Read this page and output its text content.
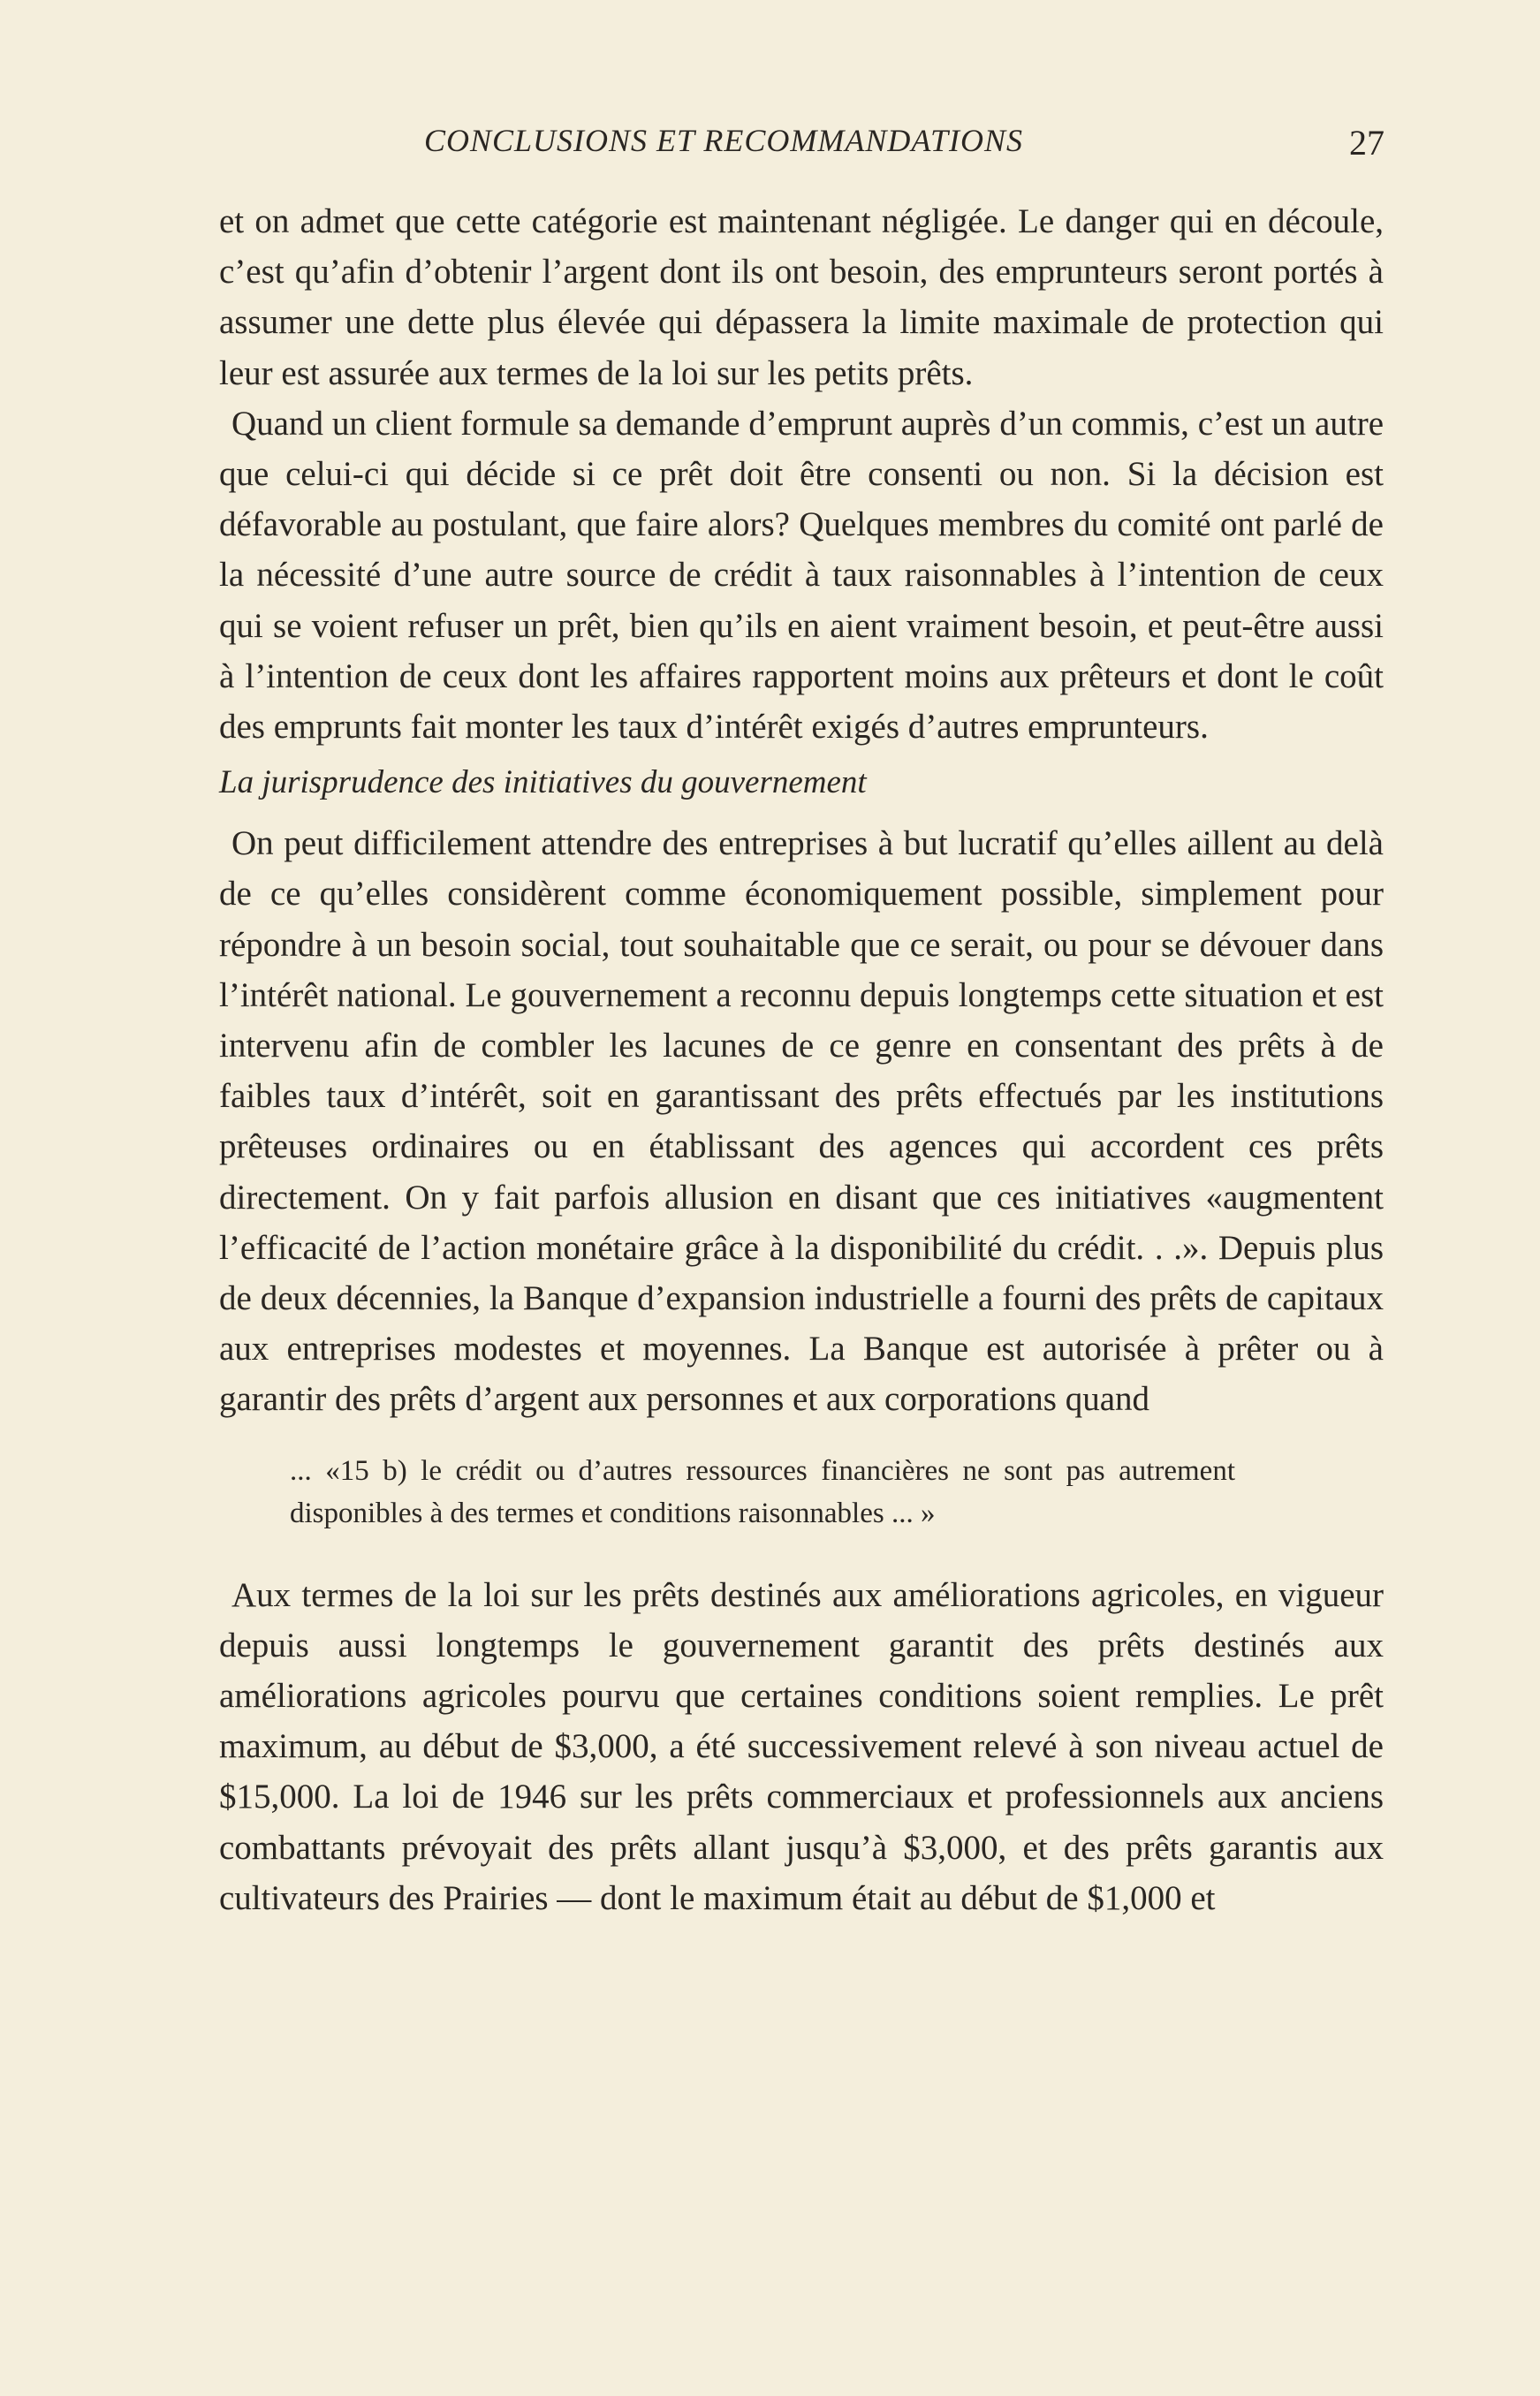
CONCLUSIONS ET RECOMMANDATIONS	27

et on admet que cette catégorie est maintenant négligée. Le danger qui en découle, c’est qu’afin d’obtenir l’argent dont ils ont besoin, des emprunteurs seront portés à assumer une dette plus élevée qui dépassera la limite maximale de protection qui leur est assurée aux termes de la loi sur les petits prêts.

Quand un client formule sa demande d’emprunt auprès d’un commis, c’est un autre que celui-ci qui décide si ce prêt doit être consenti ou non. Si la décision est défavorable au postulant, que faire alors? Quelques membres du comité ont parlé de la nécessité d’une autre source de crédit à taux raisonnables à l’intention de ceux qui se voient refuser un prêt, bien qu’ils en aient vraiment besoin, et peut-être aussi à l’intention de ceux dont les affaires rapportent moins aux prêteurs et dont le coût des emprunts fait monter les taux d’intérêt exigés d’autres emprunteurs.

La jurisprudence des initiatives du gouvernement

On peut difficilement attendre des entreprises à but lucratif qu’elles aillent au delà de ce qu’elles considèrent comme économiquement possible, simplement pour répondre à un besoin social, tout souhaitable que ce serait, ou pour se dévouer dans l’intérêt national. Le gouvernement a reconnu depuis longtemps cette situation et est intervenu afin de combler les lacunes de ce genre en consentant des prêts à de faibles taux d’intérêt, soit en garantissant des prêts effectués par les institutions prêteuses ordinaires ou en établissant des agences qui accordent ces prêts directement. On y fait parfois allusion en disant que ces initiatives «augmentent l’efficacité de l’action monétaire grâce à la disponibilité du crédit. . .». Depuis plus de deux décennies, la Banque d’expansion industrielle a fourni des prêts de capitaux aux entreprises modestes et moyennes. La Banque est autorisée à prêter ou à garantir des prêts d’argent aux personnes et aux corporations quand

... «15 b) le crédit ou d’autres ressources financières ne sont pas autrement disponibles à des termes et conditions raisonnables ... »

Aux termes de la loi sur les prêts destinés aux améliorations agricoles, en vigueur depuis aussi longtemps le gouvernement garantit des prêts destinés aux améliorations agricoles pourvu que certaines conditions soient remplies. Le prêt maximum, au début de $3,000, a été successivement relevé à son niveau actuel de $15,000. La loi de 1946 sur les prêts commerciaux et professionnels aux anciens combattants prévoyait des prêts allant jusqu’à $3,000, et des prêts garantis aux cultivateurs des Prairies — dont le maximum était au début de $1,000 et
